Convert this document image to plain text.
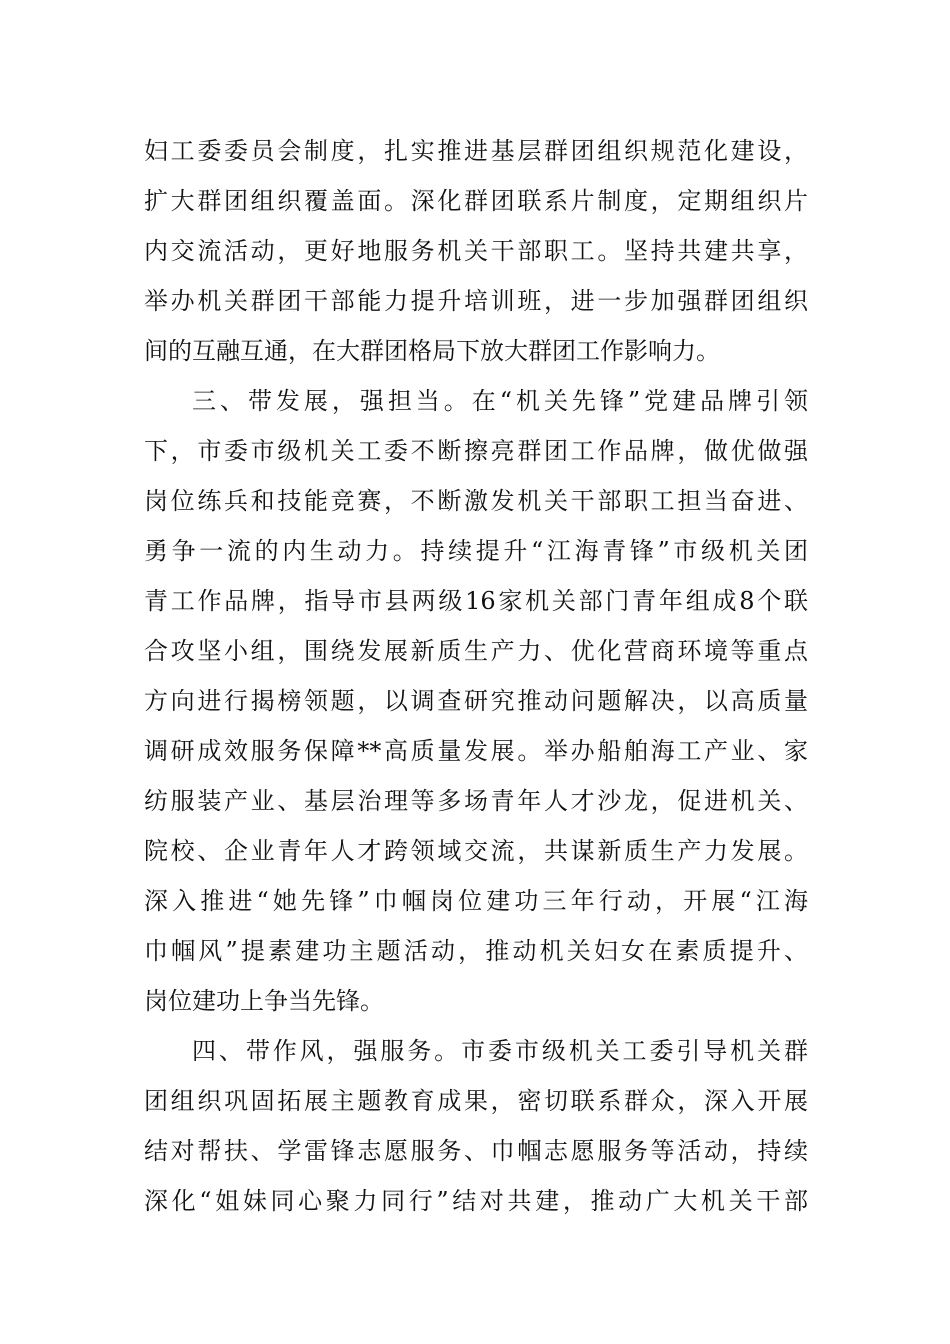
妇工委委员会制度，扎实推进基层群团组织规范化建设，
扩大群团组织覆盖面。深化群团联系片制度，定期组织片
内交流活动，更好地服务机关干部职工。坚持共建共享，
举办机关群团干部能力提升培训班，进一步加强群团组织
间的互融互通，在大群团格局下放大群团工作影响力。
三、带发展，强担当。在“机关先锋”党建品牌引领
下，市委市级机关工委不断擦亮群团工作品牌，做优做强
岗位练兵和技能竞赛，不断激发机关干部职工担当奋进、
勇争一流的内生动力。持续提升“江海青锋”市级机关团
青工作品牌，指导市县两级16家机关部门青年组成8个联
合攻坚小组，围绕发展新质生产力、优化营商环境等重点
方向进行揭榜领题，以调查研究推动问题解决，以高质量
调研成效服务保障**高质量发展。举办船舶海工产业、家
纺服装产业、基层治理等多场青年人才沙龙，促进机关、
院校、企业青年人才跨领域交流，共谋新质生产力发展。
深入推进“她先锋”巾帼岗位建功三年行动，开展“江海
巾帼风”提素建功主题活动，推动机关妇女在素质提升、
岗位建功上争当先锋。
四、带作风，强服务。市委市级机关工委引导机关群
团组织巩固拓展主题教育成果，密切联系群众，深入开展
结对帮扶、学雷锋志愿服务、巾帼志愿服务等活动，持续
深化“姐妹同心聚力同行”结对共建，推动广大机关干部
